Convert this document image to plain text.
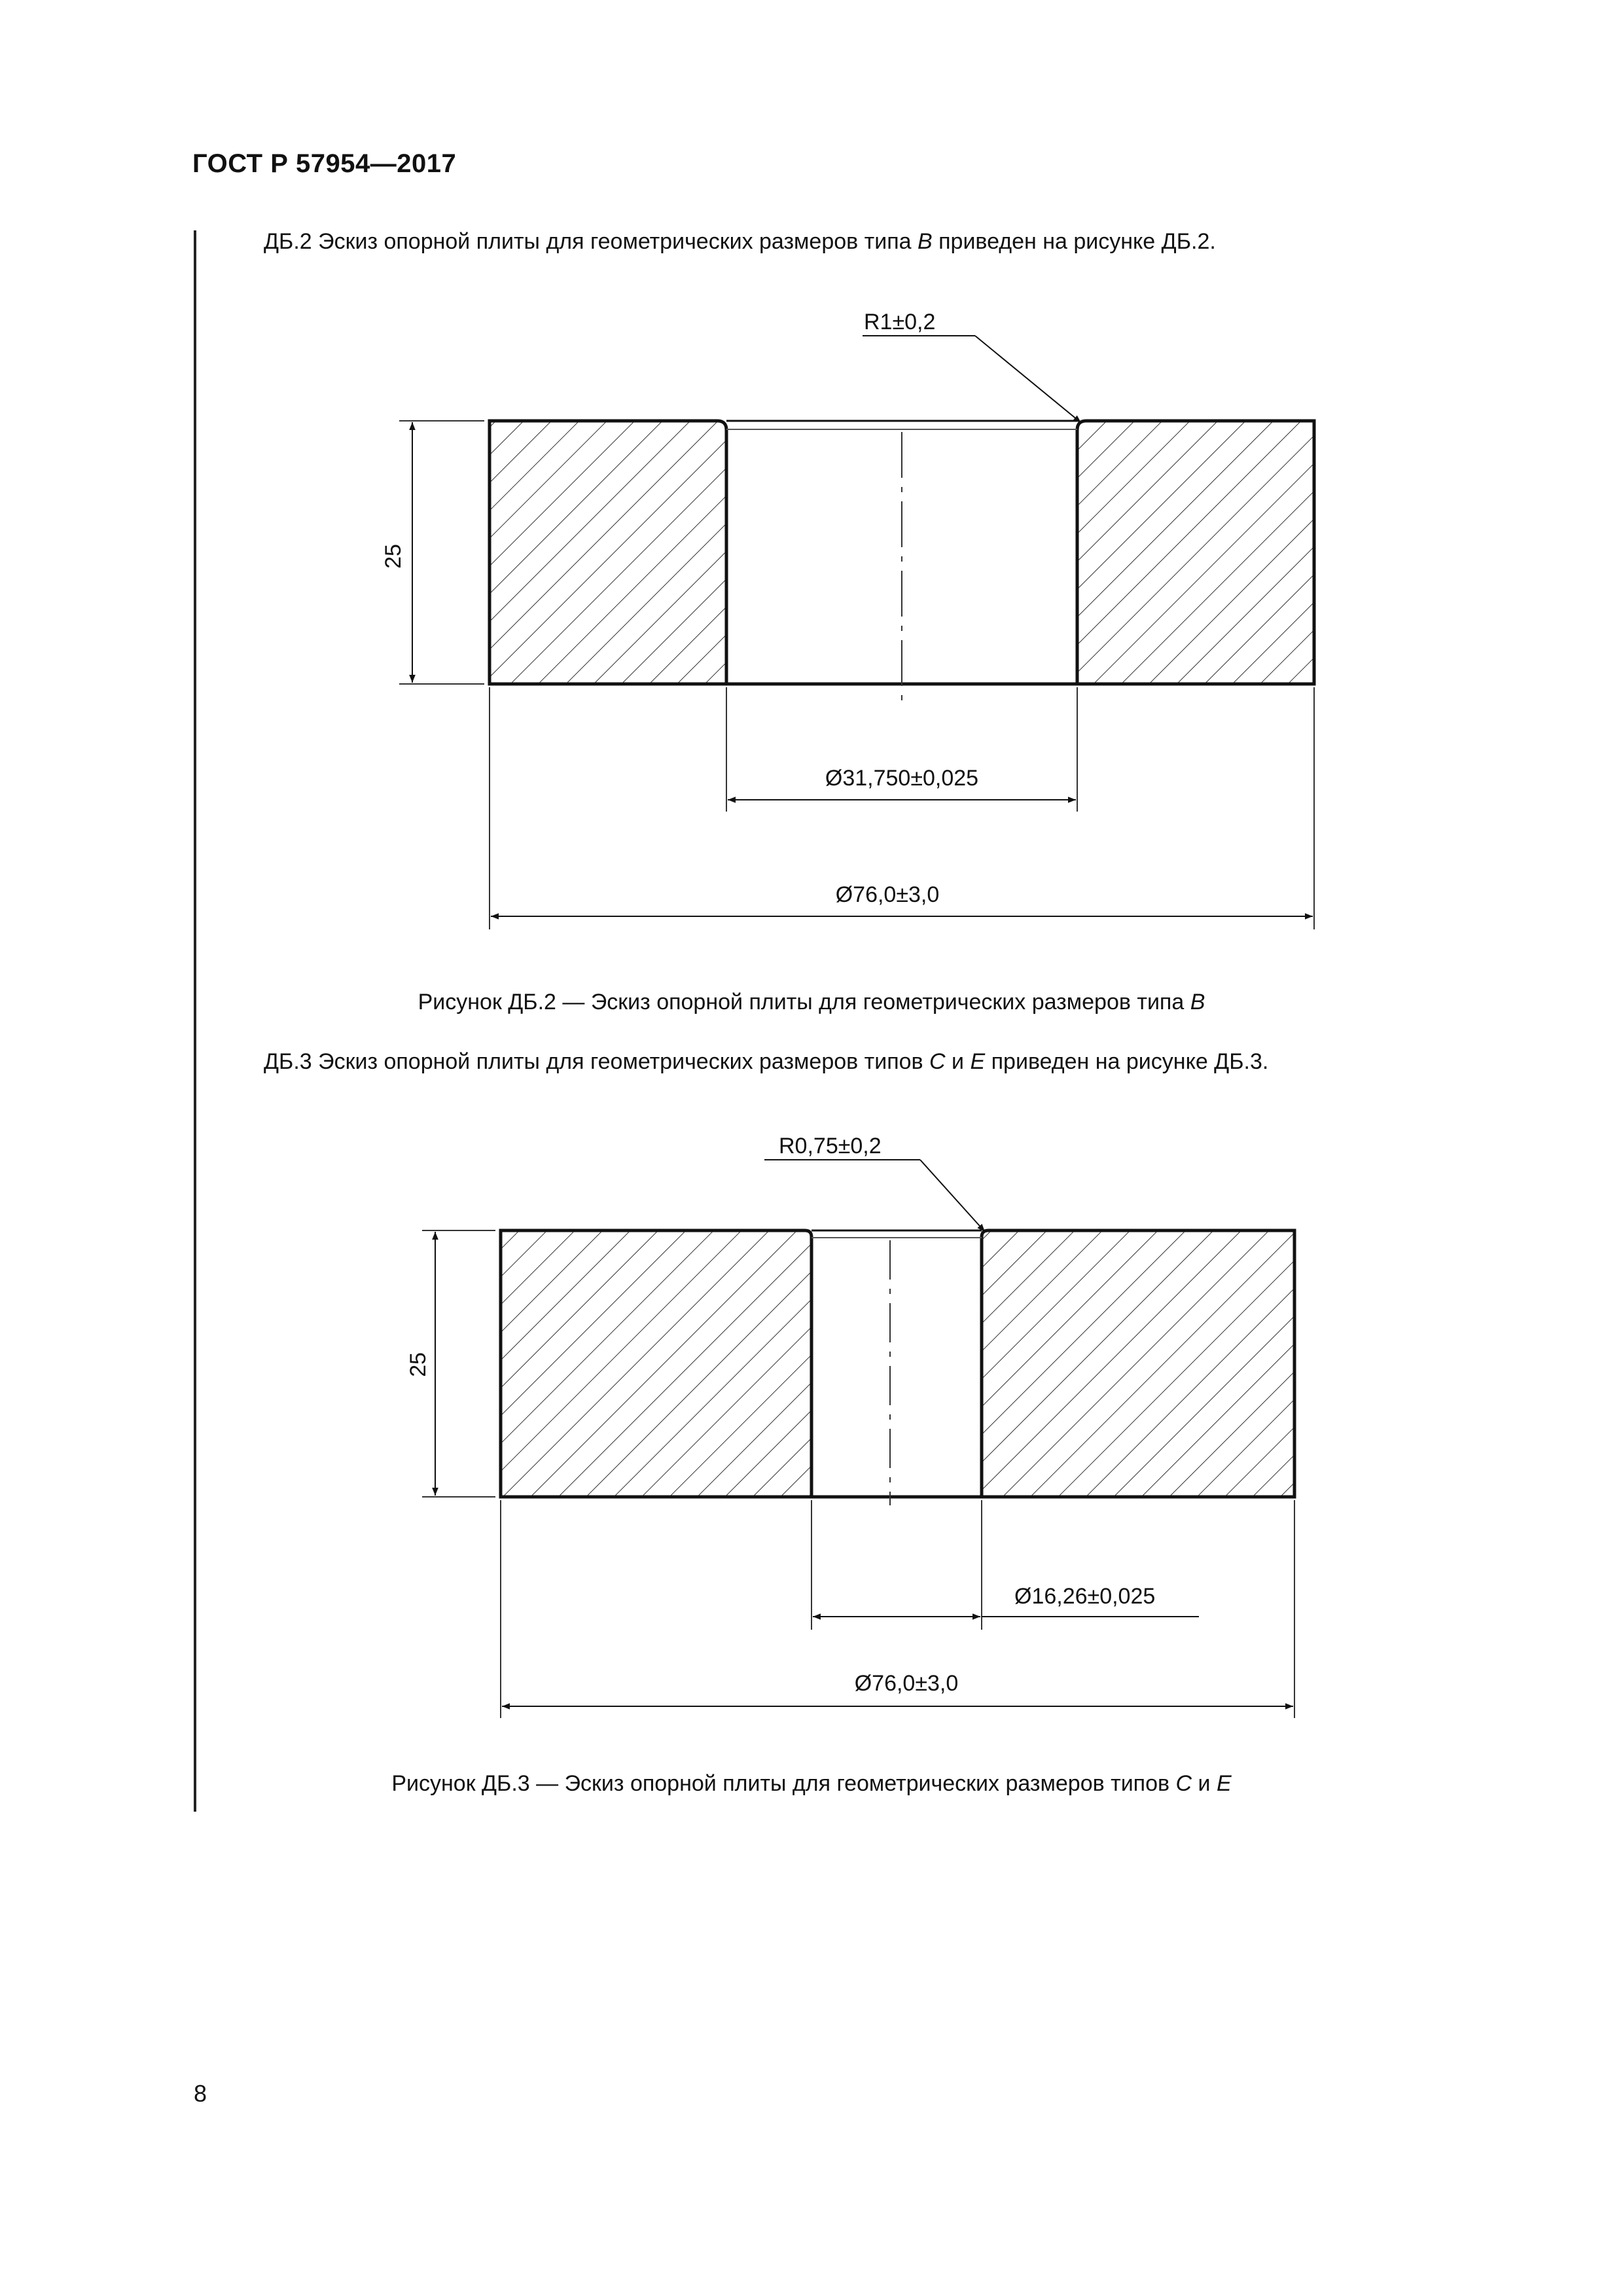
ГОСТ Р 57954—2017
ДБ.2 Эскиз опорной плиты для геометрических размеров типа B приведен на рисунке ДБ.2.
25
R1±0,2
Ø31,750±0,025
Ø76,0±3,0
Рисунок ДБ.2 — Эскиз опорной плиты для геометрических размеров типа B
ДБ.3 Эскиз опорной плиты для геометрических размеров типов C и E приведен на рисунке ДБ.3.
25
R0,75±0,2
Ø16,26±0,025
Ø76,0±3,0
Рисунок ДБ.3 — Эскиз опорной плиты для геометрических размеров типов C и E
8
